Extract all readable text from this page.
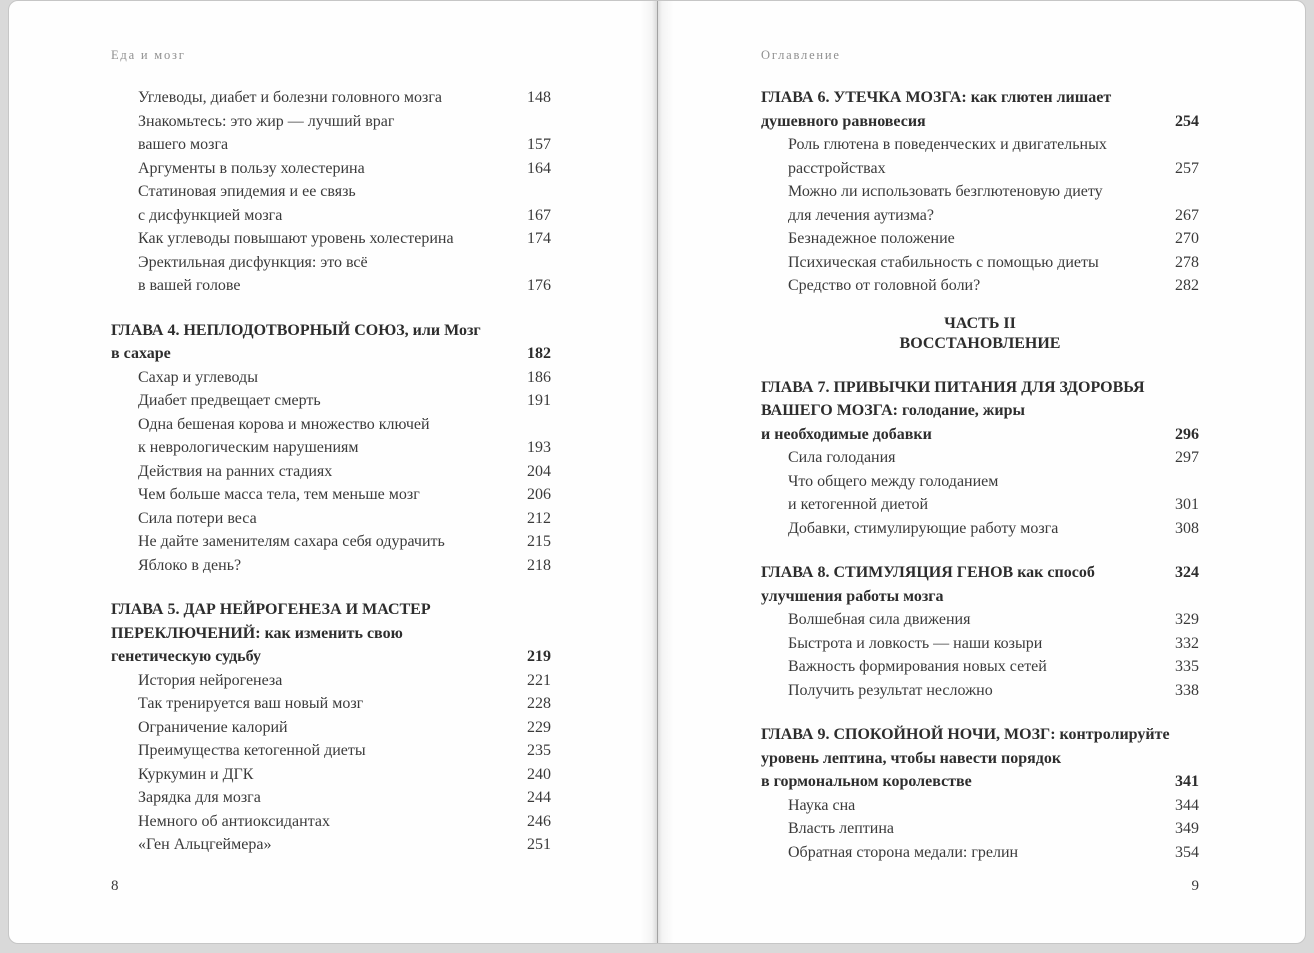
Еда и мозг
Углеводы, диабет и болезни головного мозга	148
Знакомьтесь: это жир — лучший враг
вашего мозга	157
Аргументы в пользу холестерина	164
Статиновая эпидемия и ее связь
с дисфункцией мозга	167
Как углеводы повышают уровень холестерина	174
Эректильная дисфункция: это всё
в вашей голове	176
ГЛАВА 4. НЕПЛОДОТВОРНЫЙ СОЮЗ, или Мозг
в сахаре	182
Сахар и углеводы	186
Диабет предвещает смерть	191
Одна бешеная корова и множество ключей
к неврологическим нарушениям	193
Действия на ранних стадиях	204
Чем больше масса тела, тем меньше мозг	206
Сила потери веса	212
Не дайте заменителям сахара себя одурачить	215
Яблоко в день?	218
ГЛАВА 5. ДАР НЕЙРОГЕНЕЗА И МАСТЕР
ПЕРЕКЛЮЧЕНИЙ: как изменить свою
генетическую судьбу	219
История нейрогенеза	221
Так тренируется ваш новый мозг	228
Ограничение калорий	229
Преимущества кетогенной диеты	235
Куркумин и ДГК	240
Зарядка для мозга	244
Немного об антиоксидантах	246
«Ген Альцгеймера»	251
8
Оглавление
ГЛАВА 6. УТЕЧКА МОЗГА: как глютен лишает
душевного равновесия	254
Роль глютена в поведенческих и двигательных
расстройствах	257
Можно ли использовать безглютеновую диету
для лечения аутизма?	267
Безнадежное положение	270
Психическая стабильность с помощью диеты	278
Средство от головной боли?	282
ЧАСТЬ II
ВОССТАНОВЛЕНИЕ
ГЛАВА 7. ПРИВЫЧКИ ПИТАНИЯ ДЛЯ ЗДОРОВЬЯ
ВАШЕГО МОЗГА: голодание, жиры
и необходимые добавки	296
Сила голодания	297
Что общего между голоданием
и кетогенной диетой	301
Добавки, стимулирующие работу мозга	308
ГЛАВА 8. СТИМУЛЯЦИЯ ГЕНОВ как способ	324
улучшения работы мозга
Волшебная сила движения	329
Быстрота и ловкость — наши козыри	332
Важность формирования новых сетей	335
Получить результат несложно	338
ГЛАВА 9. СПОКОЙНОЙ НОЧИ, МОЗГ: контролируйте
уровень лептина, чтобы навести порядок
в гормональном королевстве	341
Наука сна	344
Власть лептина	349
Обратная сторона медали: грелин	354
9
